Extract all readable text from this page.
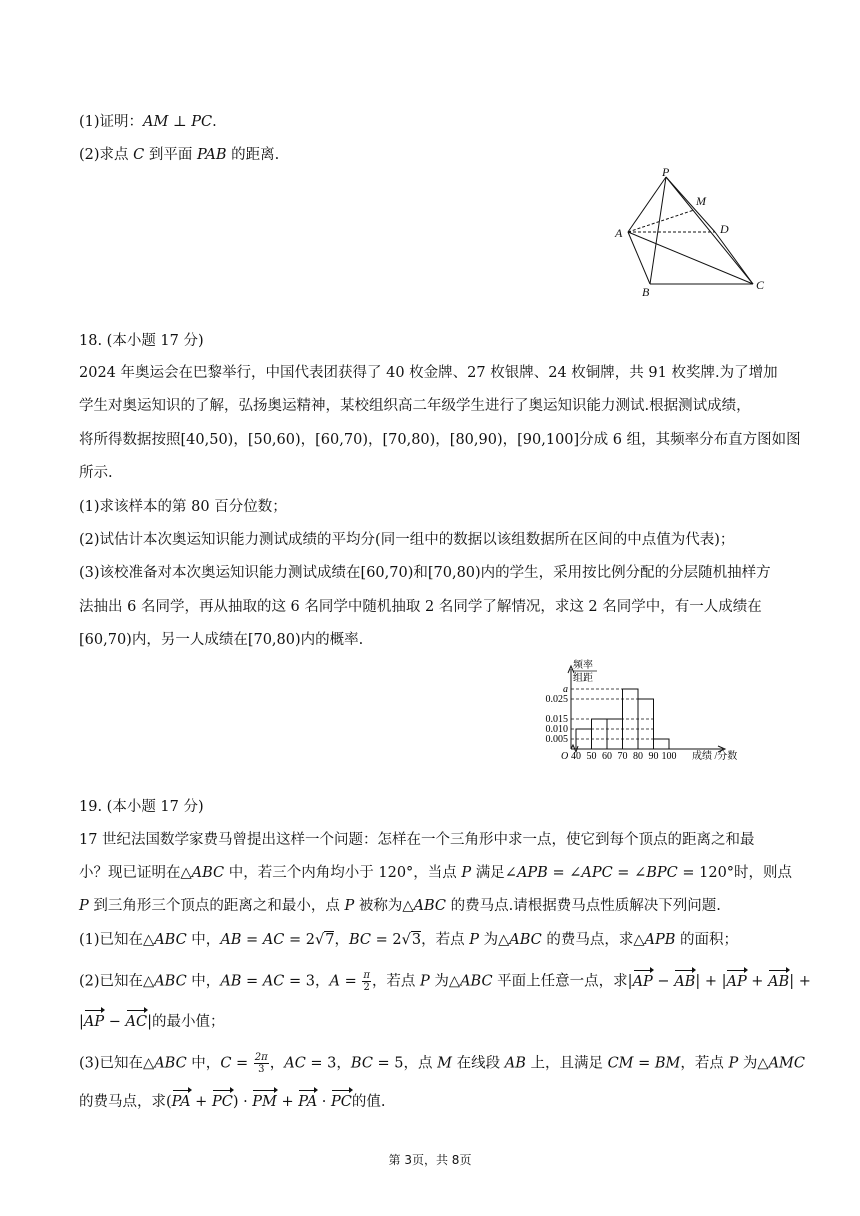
(1)证明：AM ⊥ PC.
(2)求点 C 到平面 PAB 的距离.
P
M
A	D
B	C
18. (本小题 17 分)
2024 年奥运会在巴黎举行，中国代表团获得了 40 枚金牌、27 枚银牌、24 枚铜牌，共 91 枚奖牌.为了增加
学生对奥运知识的了解，弘扬奥运精神，某校组织高二年级学生进行了奥运知识能力测试.根据测试成绩，
将所得数据按照[40,50)，[50,60)，[60,70)，[70,80)，[80,90)，[90,100]分成 6 组，其频率分布直方图如图
所示.
(1)求该样本的第 80 百分位数；
(2)试估计本次奥运知识能力测试成绩的平均分(同一组中的数据以该组数据所在区间的中点值为代表)；
(3)该校准备对本次奥运知识能力测试成绩在[60,70)和[70,80)内的学生，采用按比例分配的分层随机抽样方
法抽出 6 名同学，再从抽取的这 6 名同学中随机抽取 2 名同学了解情况，求这 2 名同学中，有一人成绩在
[60,70)内，另一人成绩在[70,80)内的概率.
频率
组距
成绩 /分数
O
a
0.025
0.015
0.010
0.005
40 50 60 70 80 90 100
19. (本小题 17 分)
17 世纪法国数学家费马曾提出这样一个问题：怎样在一个三角形中求一点，使它到每个顶点的距离之和最
小？现已证明在△ABC 中，若三个内角均小于 120°，当点 P 满足∠APB = ∠APC = ∠BPC = 120°时，则点
P 到三角形三个顶点的距离之和最小，点 P 被称为△ABC 的费马点.请根据费马点性质解决下列问题.
(1)已知在△ABC 中，AB = AC = 2√7，BC = 2√3，若点 P 为△ABC 的费马点，求△APB 的面积；
(2)已知在△ABC 中，AB = AC = 3，$A = \frac{\pi}{2}$ ，若点 P 为△ABC 平面上任意一点，求|AP − AB| + |AP + AB| +
|AP − AC|的最小值；
(3)已知在△ABC 中，$C = \frac{2\pi}{3}$ ，AC = 3，BC = 5，点 M 在线段 AB 上，且满足 CM = BM，若点 P 为△AMC
的费马点，求(PA + PC) · PM + PA · PC的值.
第 3页，共 8页
